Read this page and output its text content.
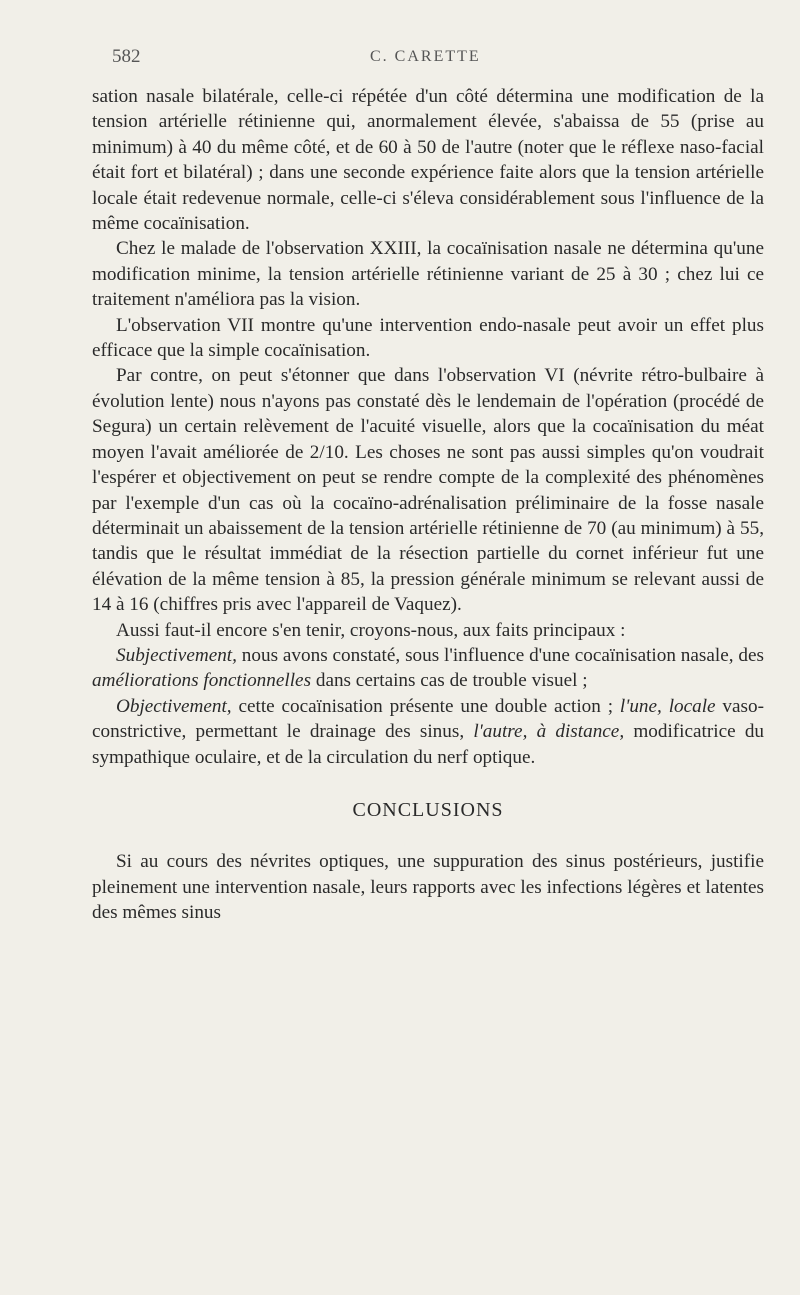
582	C. CARETTE

sation nasale bilatérale, celle-ci répétée d'un côté détermina une modification de la tension artérielle rétinienne qui, anormalement élevée, s'abaissa de 55 (prise au minimum) à 40 du même côté, et de 60 à 50 de l'autre (noter que le réflexe naso-facial était fort et bilatéral) ; dans une seconde expérience faite alors que la tension artérielle locale était redevenue normale, celle-ci s'éleva considérablement sous l'influence de la même cocaïnisation.

Chez le malade de l'observation XXIII, la cocaïnisation nasale ne détermina qu'une modification minime, la tension artérielle rétinienne variant de 25 à 30 ; chez lui ce traitement n'améliora pas la vision.

L'observation VII montre qu'une intervention endo-nasale peut avoir un effet plus efficace que la simple cocaïnisation.

Par contre, on peut s'étonner que dans l'observation VI (névrite rétro-bulbaire à évolution lente) nous n'ayons pas constaté dès le lendemain de l'opération (procédé de Segura) un certain relèvement de l'acuité visuelle, alors que la cocaïnisation du méat moyen l'avait améliorée de 2/10. Les choses ne sont pas aussi simples qu'on voudrait l'espérer et objectivement on peut se rendre compte de la complexité des phénomènes par l'exemple d'un cas où la cocaïno-adrénalisation préliminaire de la fosse nasale déterminait un abaissement de la tension artérielle rétinienne de 70 (au minimum) à 55, tandis que le résultat immédiat de la résection partielle du cornet inférieur fut une élévation de la même tension à 85, la pression générale minimum se relevant aussi de 14 à 16 (chiffres pris avec l'appareil de Vaquez).

Aussi faut-il encore s'en tenir, croyons-nous, aux faits principaux :

Subjectivement, nous avons constaté, sous l'influence d'une cocaïnisation nasale, des améliorations fonctionnelles dans certains cas de trouble visuel ;

Objectivement, cette cocaïnisation présente une double action ; l'une, locale vaso-constrictive, permettant le drainage des sinus, l'autre, à distance, modificatrice du sympathique oculaire, et de la circulation du nerf optique.

CONCLUSIONS

Si au cours des névrites optiques, une suppuration des sinus postérieurs, justifie pleinement une intervention nasale, leurs rapports avec les infections légères et latentes des mêmes sinus
